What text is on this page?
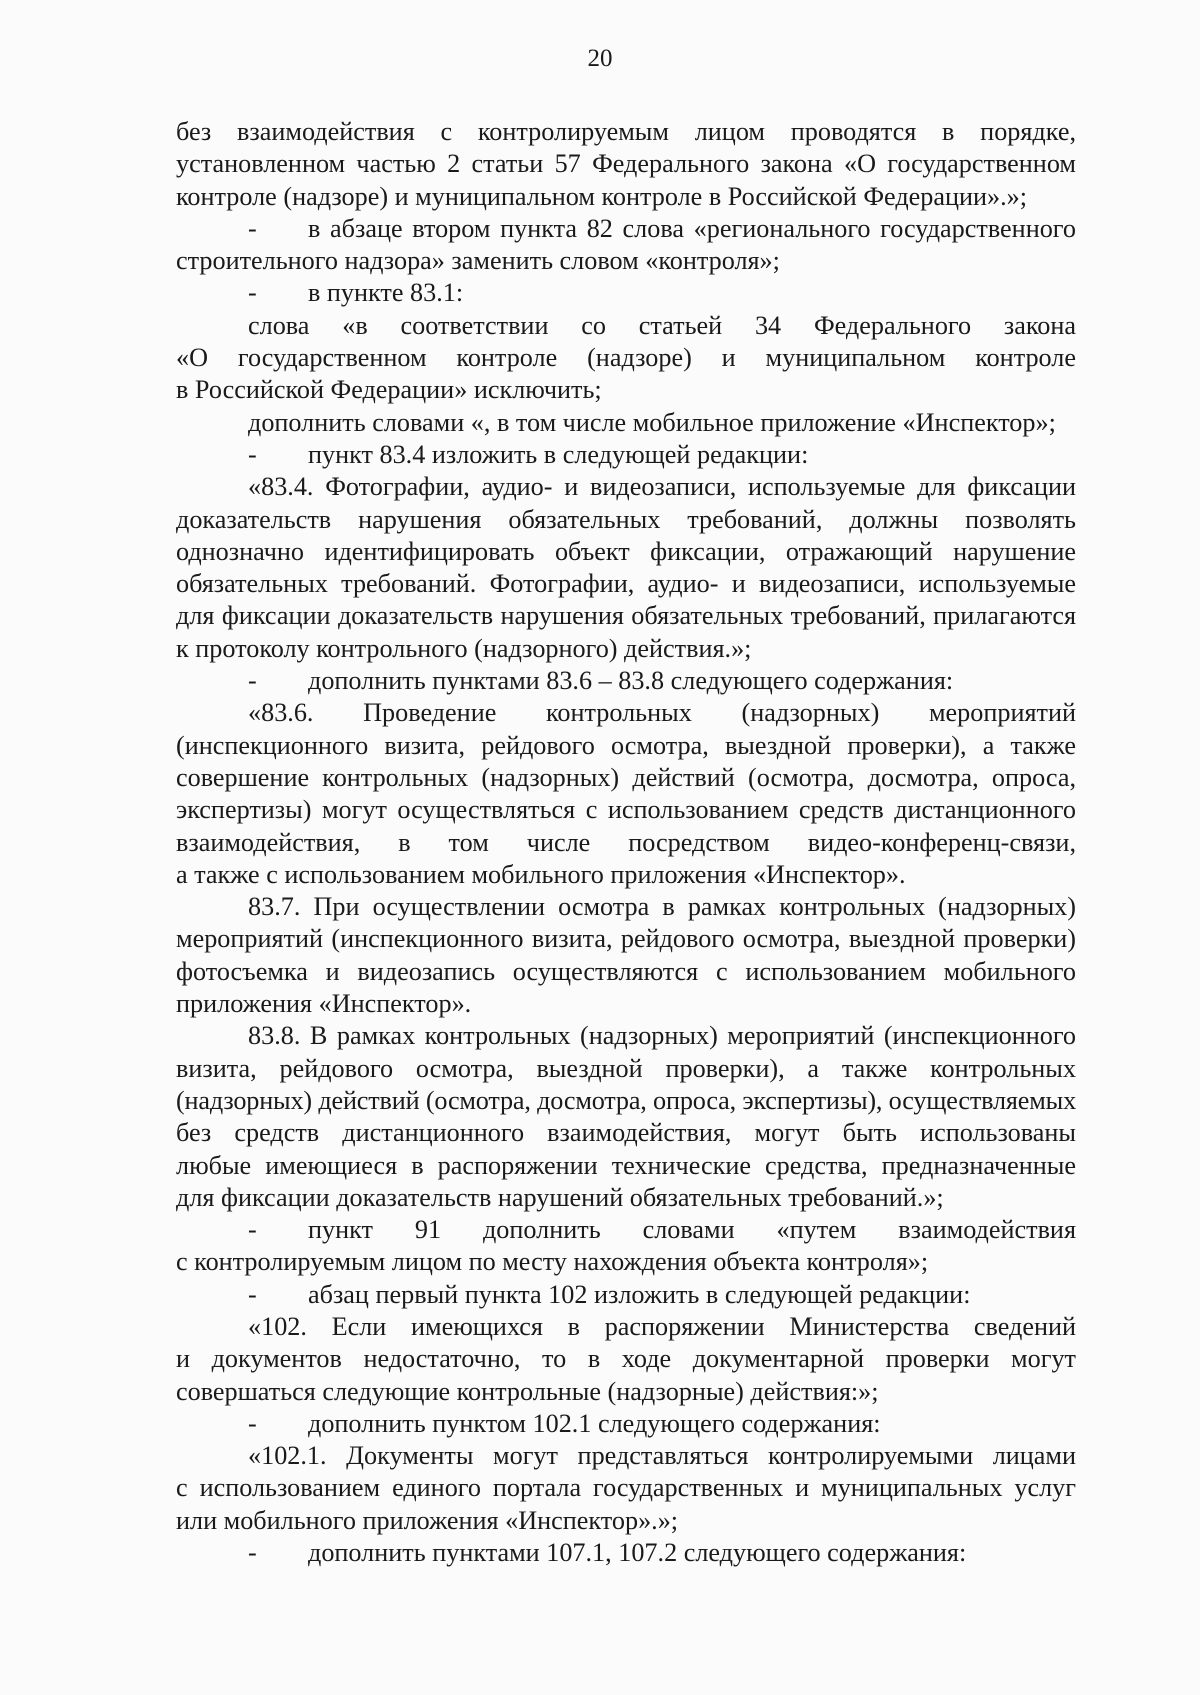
20
без взаимодействия с контролируемым лицом проводятся в порядке,
установленном частью 2 статьи 57 Федерального закона «О государственном
контроле (надзоре) и муниципальном контроле в Российской Федерации».»;
- в абзаце втором пункта 82 слова «регионального государственного
строительного надзора» заменить словом «контроля»;
- в пункте 83.1:
слова «в соответствии со статьей 34 Федерального закона
«О государственном контроле (надзоре) и муниципальном контроле
в Российской Федерации» исключить;
дополнить словами «, в том числе мобильное приложение «Инспектор»;
- пункт 83.4 изложить в следующей редакции:
«83.4. Фотографии, аудио- и видеозаписи, используемые для фиксации
доказательств нарушения обязательных требований, должны позволять
однозначно идентифицировать объект фиксации, отражающий нарушение
обязательных требований. Фотографии, аудио- и видеозаписи, используемые
для фиксации доказательств нарушения обязательных требований, прилагаются
к протоколу контрольного (надзорного) действия.»;
- дополнить пунктами 83.6 – 83.8 следующего содержания:
«83.6. Проведение контрольных (надзорных) мероприятий
(инспекционного визита, рейдового осмотра, выездной проверки), а также
совершение контрольных (надзорных) действий (осмотра, досмотра, опроса,
экспертизы) могут осуществляться с использованием средств дистанционного
взаимодействия, в том числе посредством видео-конференц-связи,
а также с использованием мобильного приложения «Инспектор».
83.7. При осуществлении осмотра в рамках контрольных (надзорных)
мероприятий (инспекционного визита, рейдового осмотра, выездной проверки)
фотосъемка и видеозапись осуществляются с использованием мобильного
приложения «Инспектор».
83.8. В рамках контрольных (надзорных) мероприятий (инспекционного
визита, рейдового осмотра, выездной проверки), а также контрольных
(надзорных) действий (осмотра, досмотра, опроса, экспертизы), осуществляемых
без средств дистанционного взаимодействия, могут быть использованы
любые имеющиеся в распоряжении технические средства, предназначенные
для фиксации доказательств нарушений обязательных требований.»;
- пункт 91 дополнить словами «путем взаимодействия
с контролируемым лицом по месту нахождения объекта контроля»;
- абзац первый пункта 102 изложить в следующей редакции:
«102. Если имеющихся в распоряжении Министерства сведений
и документов недостаточно, то в ходе документарной проверки могут
совершаться следующие контрольные (надзорные) действия:»;
- дополнить пунктом 102.1 следующего содержания:
«102.1. Документы могут представляться контролируемыми лицами
с использованием единого портала государственных и муниципальных услуг
или мобильного приложения «Инспектор».»;
- дополнить пунктами 107.1, 107.2 следующего содержания:
